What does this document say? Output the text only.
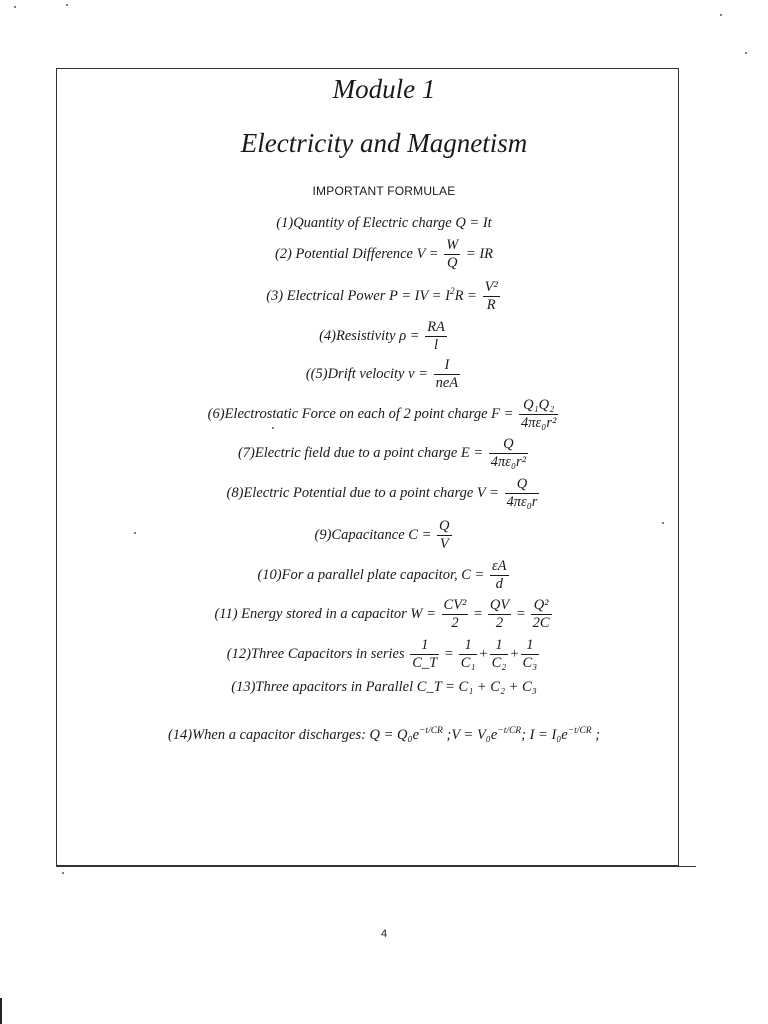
Module 1
Electricity and Magnetism
IMPORTANT FORMULAE
(1)Quantity of Electric charge Q = It
(2) Potential Difference $V = \frac{W}{Q}$ = IR
(3) Electrical Power P = IV = $I^2R = \frac{\text{V²}}{R}$
(4)Resistivity $\rho = \frac{RA}{l}$
((5)Drift velocity $v = \frac{I}{\text{neA}}$
(6)Electrostatic Force on each of 2 point charge $F = \frac{\text{Q₁Q₂}}{\text{4πε₀r²}}$
(7)Electric field due to a point charge $E = \frac{Q}{\text{4πε₀r²}}$
(8)Electric Potential due to a point charge $V = \frac{Q}{\text{4πε₀r}}$
(9)Capacitance $C = \frac{Q}{V}$
(10)For a parallel plate capacitor, $C = \frac{\varepsilon A}{d}$
(11) Energy stored in a capacitor $W = \frac{\text{CV²}}{2} = \frac{QV}{2} = \frac{\text{Q²}}{2C}$
(12)Three Capacitors in series $\frac{1}{C\_T} = \frac{1}{\text{C₁}} + \frac{1}{\text{C₂}} + \frac{1}{\text{C₃}}$
(13)Three apacitors in Parallel C_T = C₁ + C₂ + C₃
(14)When a capacitor discharges: $Q = Q_0e^{-t/CR}$ ;V = $V_0e^{-t/CR}$; $I = I_0e^{-t/CR}$ ;
4
